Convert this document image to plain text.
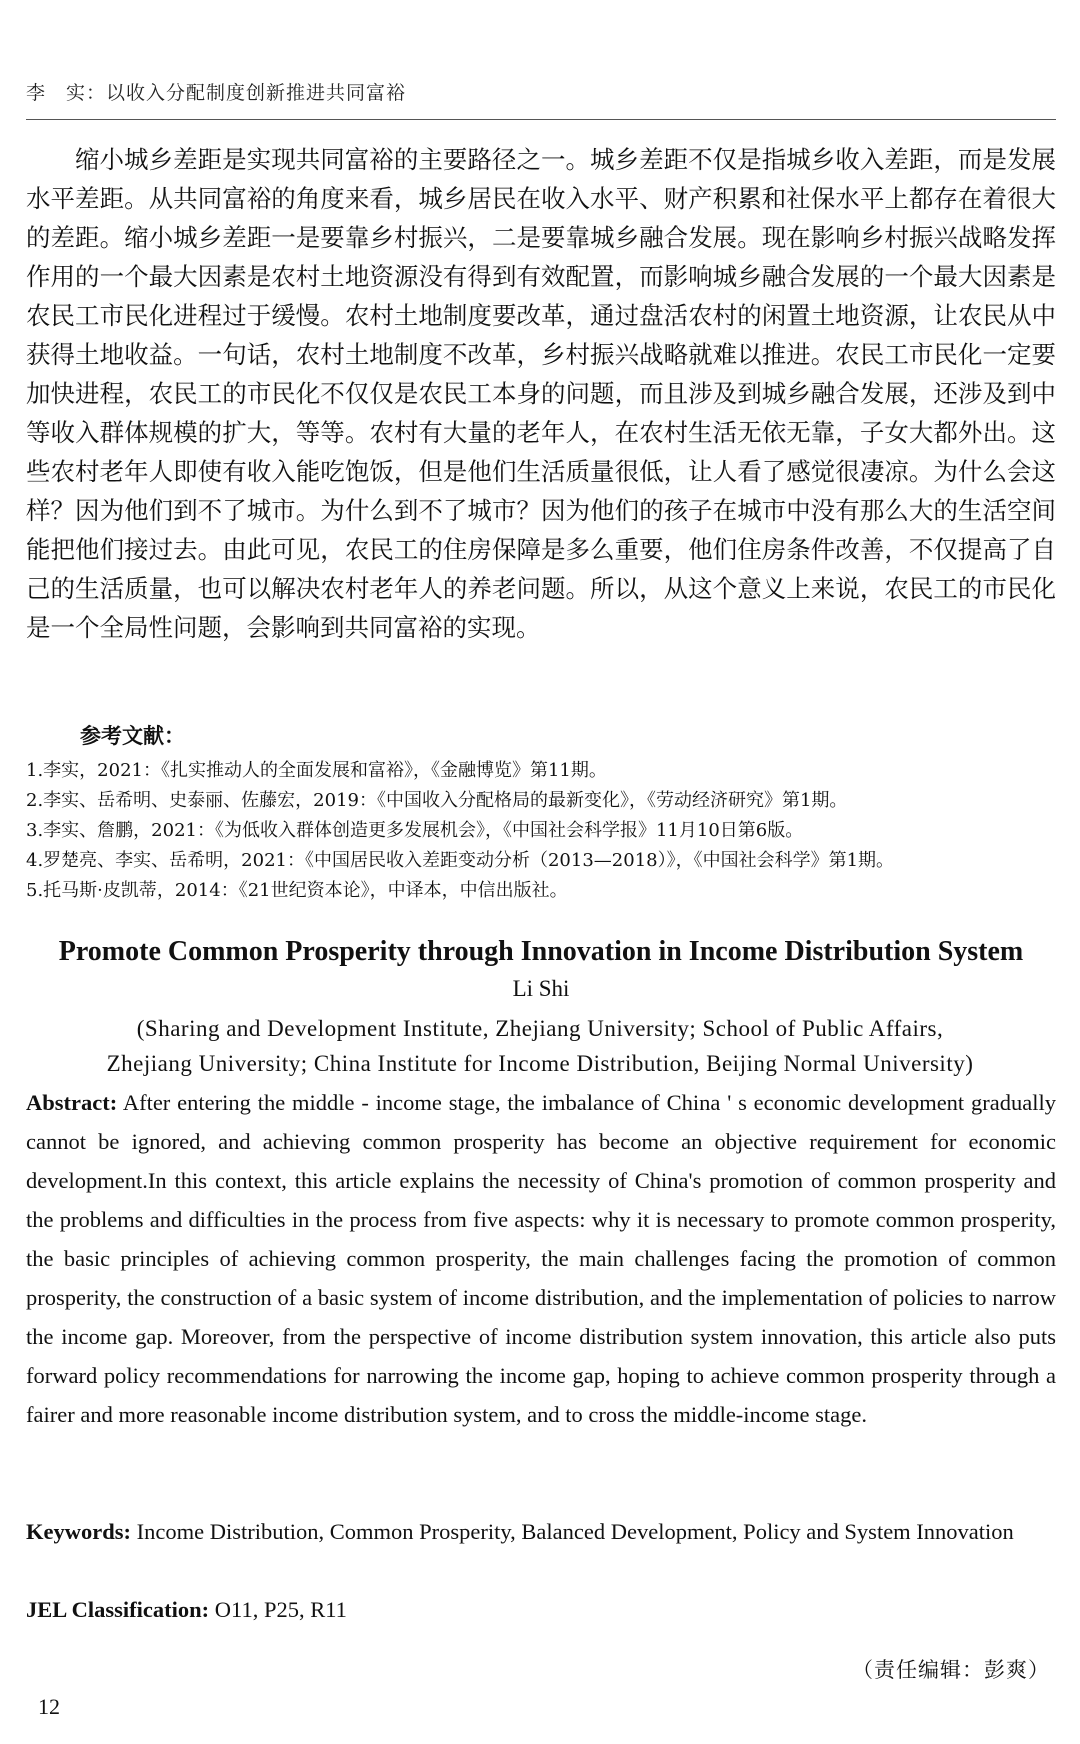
李　实：以收入分配制度创新推进共同富裕

缩小城乡差距是实现共同富裕的主要路径之一。城乡差距不仅是指城乡收入差距，而是发展水平差距。从共同富裕的角度来看，城乡居民在收入水平、财产积累和社保水平上都存在着很大的差距。缩小城乡差距一是要靠乡村振兴，二是要靠城乡融合发展。现在影响乡村振兴战略发挥作用的一个最大因素是农村土地资源没有得到有效配置，而影响城乡融合发展的一个最大因素是农民工市民化进程过于缓慢。农村土地制度要改革，通过盘活农村的闲置土地资源，让农民从中获得土地收益。一句话，农村土地制度不改革，乡村振兴战略就难以推进。农民工市民化一定要加快进程，农民工的市民化不仅仅是农民工本身的问题，而且涉及到城乡融合发展，还涉及到中等收入群体规模的扩大，等等。农村有大量的老年人，在农村生活无依无靠，子女大都外出。这些农村老年人即使有收入能吃饱饭，但是他们生活质量很低，让人看了感觉很凄凉。为什么会这样？因为他们到不了城市。为什么到不了城市？因为他们的孩子在城市中没有那么大的生活空间能把他们接过去。由此可见，农民工的住房保障是多么重要，他们住房条件改善，不仅提高了自己的生活质量，也可以解决农村老年人的养老问题。所以，从这个意义上来说，农民工的市民化是一个全局性问题，会影响到共同富裕的实现。

参考文献：
1.李实，2021：《扎实推动人的全面发展和富裕》，《金融博览》第11期。
2.李实、岳希明、史泰丽、佐藤宏，2019：《中国收入分配格局的最新变化》，《劳动经济研究》第1期。
3.李实、詹鹏，2021：《为低收入群体创造更多发展机会》，《中国社会科学报》11月10日第6版。
4.罗楚亮、李实、岳希明，2021：《中国居民收入差距变动分析（2013—2018）》，《中国社会科学》第1期。
5.托马斯·皮凯蒂，2014：《21世纪资本论》，中译本，中信出版社。
Promote Common Prosperity through Innovation in Income Distribution System
Li Shi
(Sharing and Development Institute, Zhejiang University; School of Public Affairs,
Zhejiang University; China Institute for Income Distribution, Beijing Normal University)

Abstract: After entering the middle - income stage, the imbalance of China ' s economic development gradually cannot be ignored, and achieving common prosperity has become an objective requirement for economic development.In this context, this article explains the necessity of China's promotion of common prosperity and the problems and difficulties in the process from five aspects: why it is necessary to promote common prosperity, the basic principles of achieving common prosperity, the main challenges facing the promotion of common prosperity, the construction of a basic system of income distribution, and the implementation of policies to narrow the income gap. Moreover, from the perspective of income distribution system innovation, this article also puts forward policy recommendations for narrowing the income gap, hoping to achieve common prosperity through a fairer and more reasonable income distribution system, and to cross the middle-income stage.

Keywords: Income Distribution, Common Prosperity, Balanced Development, Policy and System Innovation

JEL Classification: O11, P25, R11

（责任编辑：彭爽）
12
